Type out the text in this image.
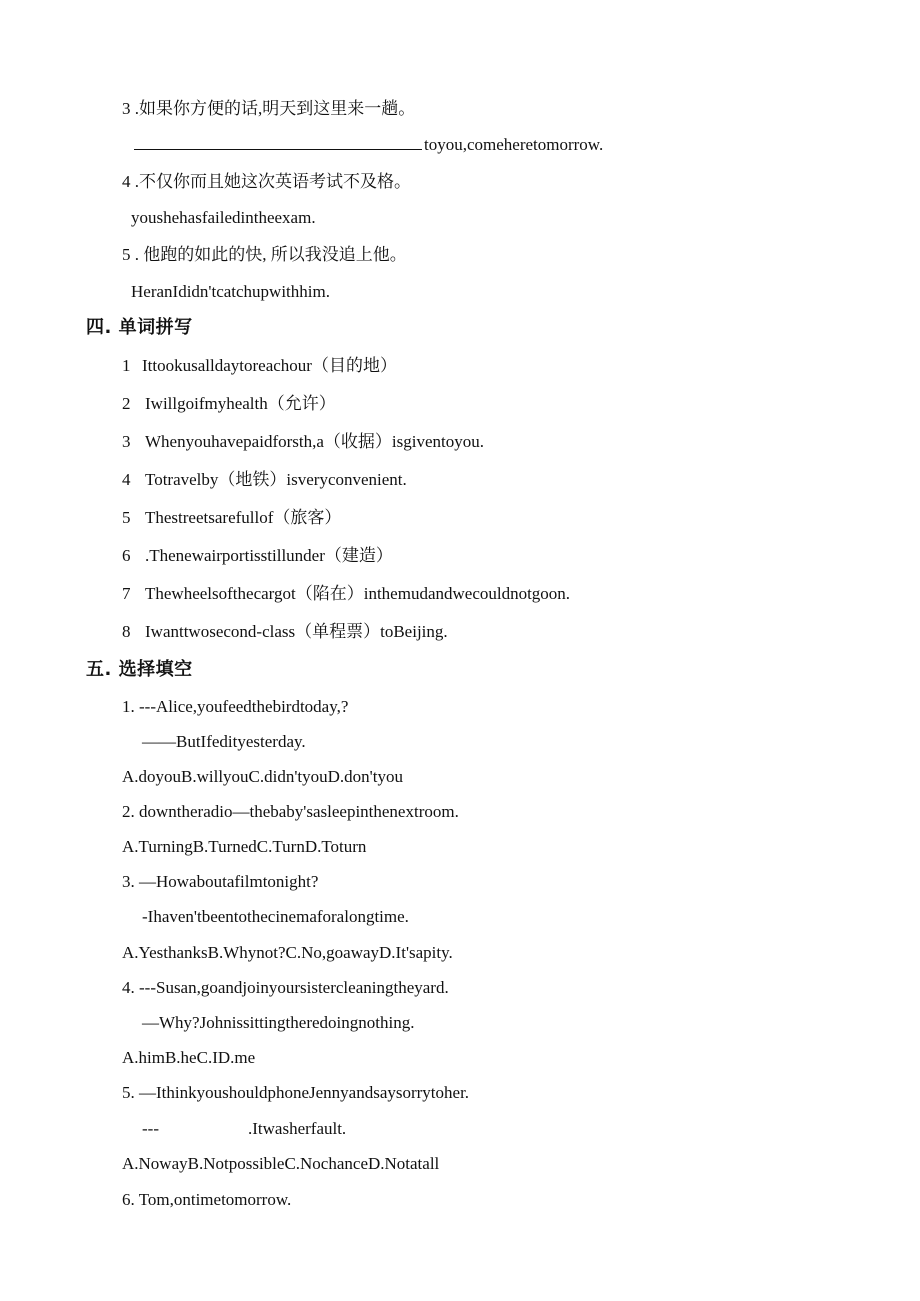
3 .如果你方便的话,明天到这里来一趟。
toyou,comeheretomorrow.
4 .不仅你而且她这次英语考试不及格。
youshehasfailedintheexam.
5 . 他跑的如此的快, 所以我没追上他。
HeranIdidn'tcatchupwithhim.
四. 单词拼写
1 Ittookusalldaytoreachour（目的地）
2 Iwillgoifmyhealth（允许）
3 Whenyouhavepaidforsth,a（收据）isgiventoyou.
4 Totravelby（地铁）isveryconvenient.
5 Thestreetsarefullof（旅客）
6 .Thenewairportisstillunder（建造）
7 Thewheelsofthecargot（陷在）inthemudandwecouldnotgoon.
8 Iwanttwosecond-class（单程票）toBeijing.
五. 选择填空
1. ---Alice,youfeedthebirdtoday,?
——ButIfedityesterday.
A.doyouB.willyouC.didn'tyouD.don'tyou
2. downtheradio—thebaby'sasleepinthenextroom.
A.TurningB.TurnedC.TurnD.Toturn
3. —Howaboutafilmtonight?
-Ihaven'tbeentothecinemaforalongtime.
A.YesthanksB.Whynot?C.No,goawayD.It'sapity.
4. ---Susan,goandjoinyoursistercleaningtheyard.
—Why?Johnissittingtheredoingnothing.
A.himB.heC.ID.me
5. —IthinkyoushouldphoneJennyandsaysorrytoher.
---	.Itwasherfault.
A.NowayB.NotpossibleC.NochanceD.Notatall
6. Tom,ontimetomorrow.
